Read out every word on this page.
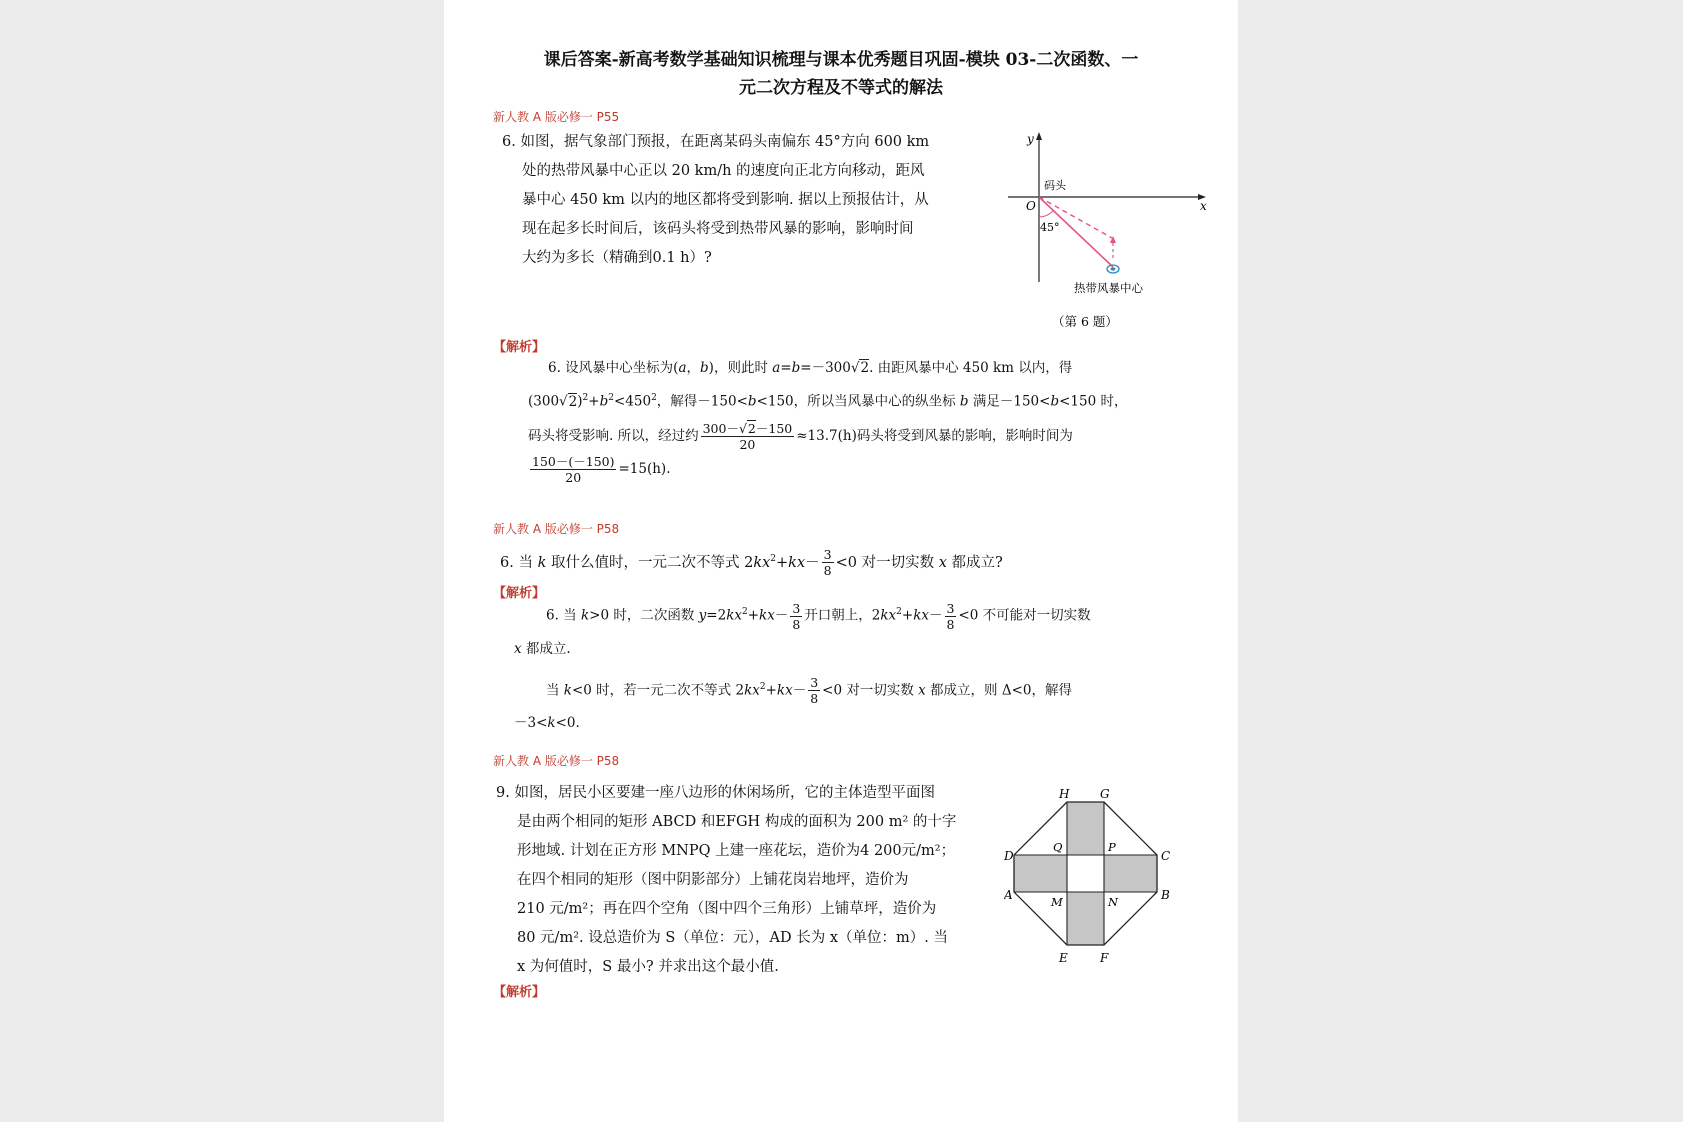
课后答案-新高考数学基础知识梳理与课本优秀题目巩固-模块 03-二次函数、一
元二次方程及不等式的解法
新人教 A 版必修一 P55
6. 如图，据气象部门预报，在距离某码头南偏东 45°方向 600 km
处的热带风暴中心正以 20 km/h 的速度向正北方向移动，距风
暴中心 450 km 以内的地区都将受到影响. 据以上预报估计，从
现在起多长时间后，该码头将受到热带风暴的影响，影响时间
大约为多长（精确到0.1 h）?
y
x
O
码头
45°
热带风暴中心
（第 6 题）
【解析】
6. 设风暴中心坐标为(a，b)，则此时 a=b=－300√2. 由距风暴中心 450 km 以内，得
$(300√2)^2+b^2<450^2$，解得－150<b<150，所以当风暴中心的纵坐标 b 满足－150<b<150 时，
码头将受影响. 所以，经过约 $\frac{300-√2-150}{20} \approx 13.7(h)$码头将受到风暴的影响，影响时间为
$\frac{150-(-150)}{20} =15(h)$.
新人教 A 版必修一 P58
6. 当 k 取什么值时，一元二次不等式 $2kx^2+kx- \frac{3}{8} <0$ 对一切实数 x 都成立?
【解析】
6. 当 k>0 时，二次函数 $y=2kx^2+kx- \frac{3}{8}$ 开口朝上，$2kx^2+kx- \frac{3}{8} <0$ 不可能对一切实数
x 都成立.
当 k<0 时，若一元二次不等式 $2kx^2+kx- \frac{3}{8} <0$ 对一切实数 x 都成立，则 Δ<0，解得
－3<k<0.
新人教 A 版必修一 P58
9. 如图，居民小区要建一座八边形的休闲场所，它的主体造型平面图
是由两个相同的矩形 ABCD 和EFGH 构成的面积为 200 m² 的十字
形地域. 计划在正方形 MNPQ 上建一座花坛，造价为4 200元/m²；
在四个相同的矩形（图中阴影部分）上铺花岗岩地坪，造价为
210 元/m²；再在四个空角（图中四个三角形）上铺草坪，造价为
80 元/m². 设总造价为 S（单位：元），AD 长为 x（单位：m）. 当
x 为何值时，S 最小? 并求出这个最小值.
H	G
D	C
A	B
E	F
Q	P
M	N
【解析】
